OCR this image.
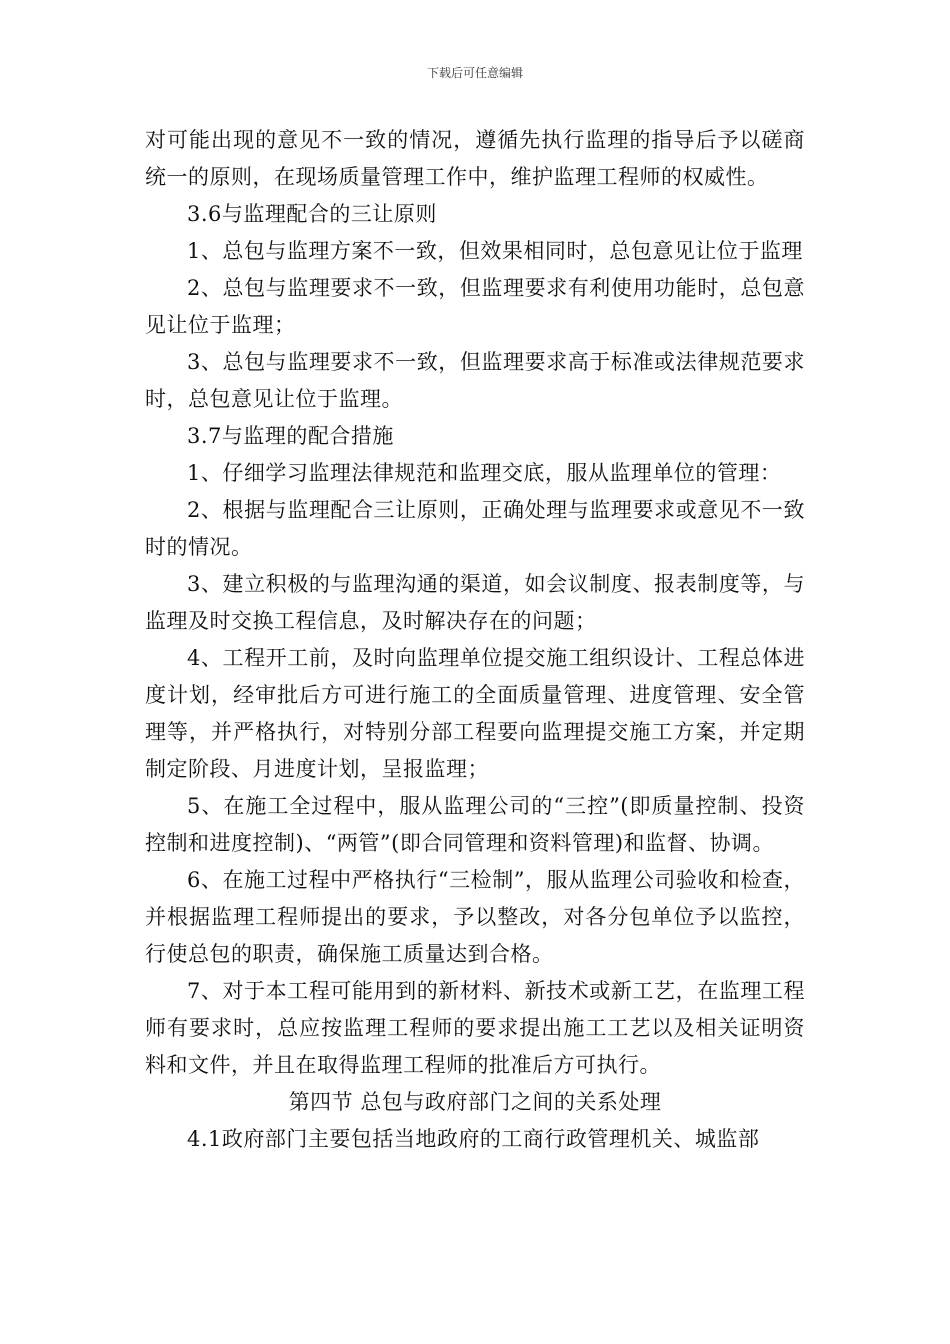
下载后可任意编辑

对可能出现的意见不一致的情况，遵循先执行监理的指导后予以磋商统一的原则，在现场质量管理工作中，维护监理工程师的权威性。

3.6与监理配合的三让原则

1、总包与监理方案不一致，但效果相同时，总包意见让位于监理

2、总包与监理要求不一致，但监理要求有利使用功能时，总包意见让位于监理；

3、总包与监理要求不一致，但监理要求高于标准或法律规范要求时，总包意见让位于监理。

3.7与监理的配合措施

1、仔细学习监理法律规范和监理交底，服从监理单位的管理：

2、根据与监理配合三让原则，正确处理与监理要求或意见不一致时的情况。

3、建立积极的与监理沟通的渠道，如会议制度、报表制度等，与监理及时交换工程信息，及时解决存在的问题；

4、工程开工前，及时向监理单位提交施工组织设计、工程总体进度计划，经审批后方可进行施工的全面质量管理、进度管理、安全管理等，并严格执行，对特别分部工程要向监理提交施工方案，并定期制定阶段、月进度计划，呈报监理；

5、在施工全过程中，服从监理公司的“三控”(即质量控制、投资控制和进度控制)、“两管”(即合同管理和资料管理)和监督、协调。

6、在施工过程中严格执行“三检制”，服从监理公司验收和检查，并根据监理工程师提出的要求，予以整改，对各分包单位予以监控，行使总包的职责，确保施工质量达到合格。

7、对于本工程可能用到的新材料、新技术或新工艺，在监理工程师有要求时，总应按监理工程师的要求提出施工工艺以及相关证明资料和文件，并且在取得监理工程师的批准后方可执行。

第四节 总包与政府部门之间的关系处理

4.1政府部门主要包括当地政府的工商行政管理机关、城监部
